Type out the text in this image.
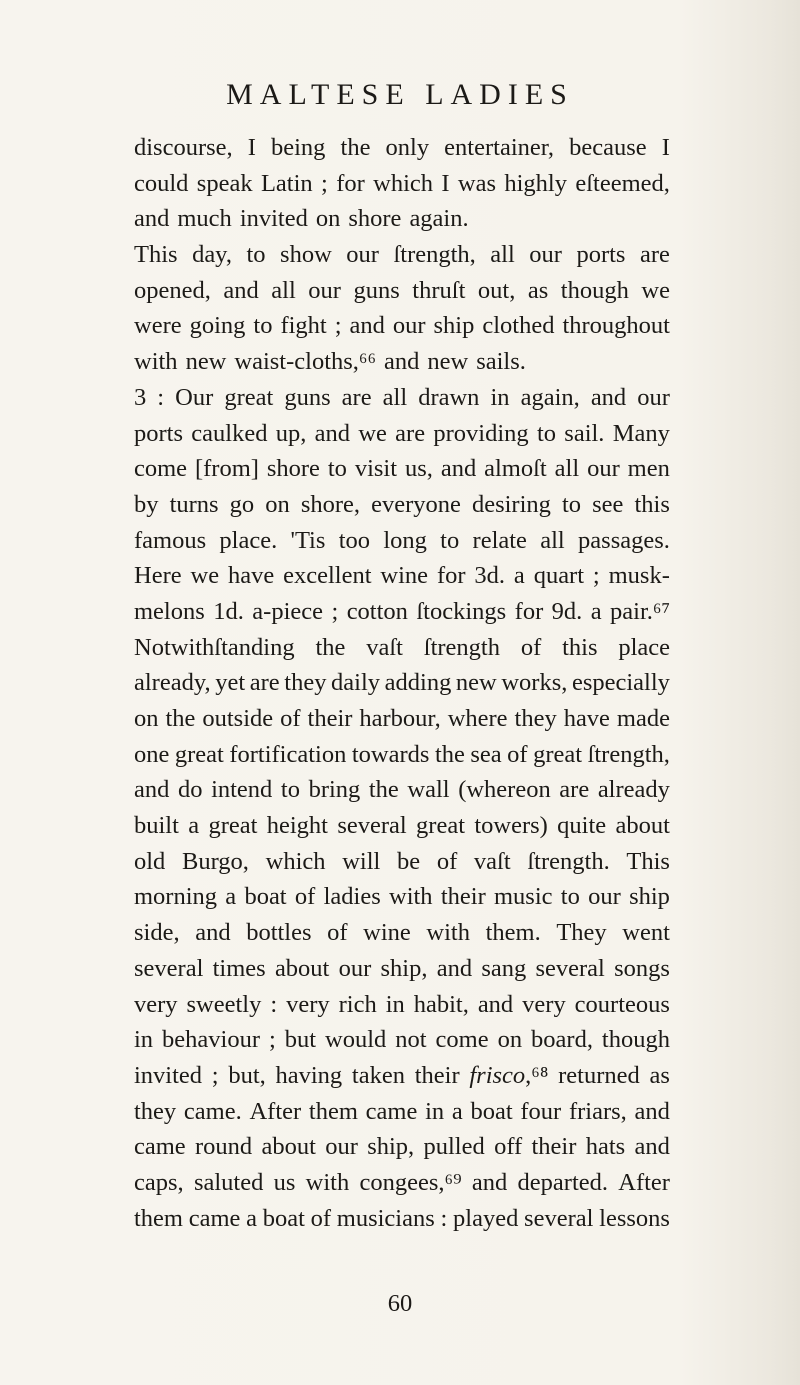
MALTESE LADIES
discourse, I being the only entertainer, because I
could speak Latin ; for which I was highly eſteemed,
and much invited on shore again.
This day, to show our ſtrength, all our ports are
opened, and all our guns thruſt out, as though we
were going to fight ; and our ship clothed throughout
with new waist-cloths,⁶⁶ and new sails.
3 : Our great guns are all drawn in again, and our
ports caulked up, and we are providing to sail. Many
come [from] shore to visit us, and almoſt all our men
by turns go on shore, everyone desiring to see this
famous place. 'Tis too long to relate all passages.
Here we have excellent wine for 3d. a quart ; musk-
melons 1d. a-piece ; cotton ſtockings for 9d. a pair.⁶⁷
Notwithſtanding the vaſt ſtrength of this place
already, yet are they daily adding new works, especially
on the outside of their harbour, where they have made
one great fortification towards the sea of great ſtrength,
and do intend to bring the wall (whereon are already
built a great height several great towers) quite about
old Burgo, which will be of vaſt ſtrength. This
morning a boat of ladies with their music to our ship
side, and bottles of wine with them. They went
several times about our ship, and sang several songs
very sweetly : very rich in habit, and very courteous
in behaviour ; but would not come on board, though
invited ; but, having taken their frisco,⁶⁸ returned as
they came. After them came in a boat four friars, and
came round about our ship, pulled off their hats and
caps, saluted us with congees,⁶⁹ and departed. After
them came a boat of musicians : played several lessons
60
